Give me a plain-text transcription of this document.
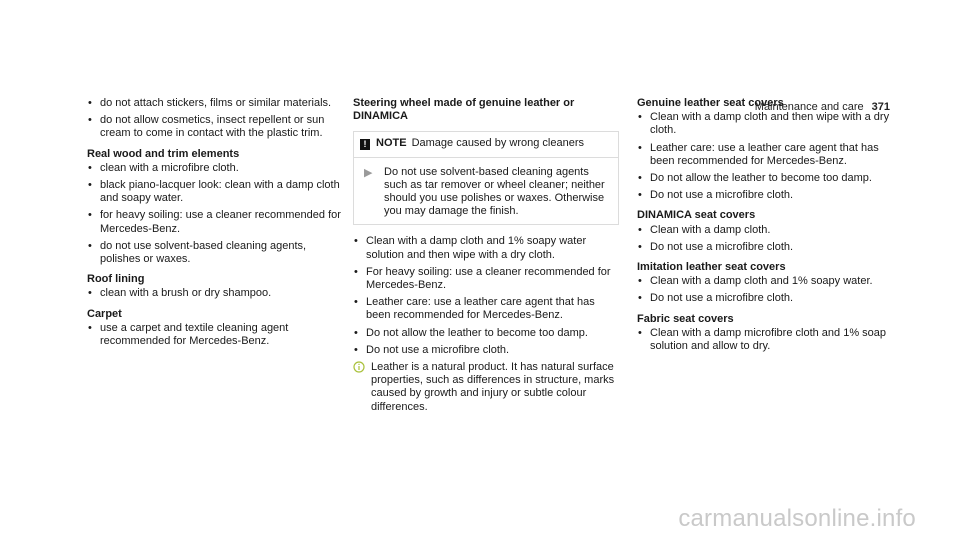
Maintenance and care 371
• do not attach stickers, films or similar materials.
• do not allow cosmetics, insect repellent or sun cream to come in contact with the plastic trim.
Real wood and trim elements
• clean with a microfibre cloth.
• black piano-lacquer look: clean with a damp cloth and soapy water.
• for heavy soiling: use a cleaner recommended for Mercedes-Benz.
• do not use solvent-based cleaning agents, polishes or waxes.
Roof lining
• clean with a brush or dry shampoo.
Carpet
• use a carpet and textile cleaning agent recommended for Mercedes-Benz.
Steering wheel made of genuine leather or DINAMICA
! NOTE Damage caused by wrong cleaners
▶	Do not use solvent-based cleaning agents such as tar remover or wheel cleaner; neither should you use polishes or waxes. Otherwise you may damage the finish.
• Clean with a damp cloth and 1% soapy water solution and then wipe with a dry cloth.
• For heavy soiling: use a cleaner recommended for Mercedes-Benz.
• Leather care: use a leather care agent that has been recommended for Mercedes-Benz.
• Do not allow the leather to become too damp.
• Do not use a microfibre cloth.
Leather is a natural product. It has natural surface properties, such as differences in structure, marks caused by growth and injury or subtle colour differences.
Genuine leather seat covers
• Clean with a damp cloth and then wipe with a dry cloth.
• Leather care: use a leather care agent that has been recommended for Mercedes-Benz.
• Do not allow the leather to become too damp.
• Do not use a microfibre cloth.
DINAMICA seat covers
• Clean with a damp cloth.
• Do not use a microfibre cloth.
Imitation leather seat covers
• Clean with a damp cloth and 1% soapy water.
• Do not use a microfibre cloth.
Fabric seat covers
• Clean with a damp microfibre cloth and 1% soap solution and allow to dry.
carmanualsonline.info
